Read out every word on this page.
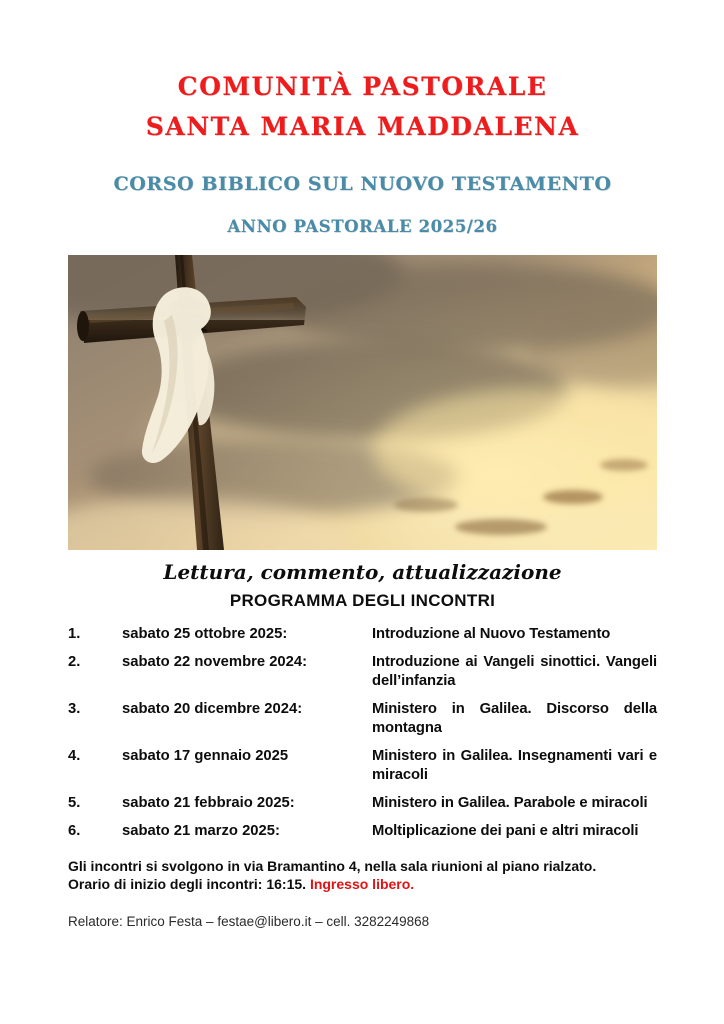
COMUNITÀ PASTORALE
SANTA MARIA MADDALENA
CORSO BIBLICO SUL NUOVO TESTAMENTO
ANNO PASTORALE 2025/26
Lettura, commento, attualizzazione
PROGRAMMA DEGLI INCONTRI
1.	sabato 25 ottobre 2025:	Introduzione al Nuovo Testamento
2.	sabato 22 novembre 2024:	Introduzione ai Vangeli sinottici. Vangeli dell’infanzia
3.	sabato 20 dicembre 2024:	Ministero in Galilea. Discorso della montagna
4.	sabato 17 gennaio 2025	Ministero in Galilea. Insegnamenti vari e miracoli
5.	sabato 21 febbraio 2025:	Ministero in Galilea. Parabole e miracoli
6.	sabato 21 marzo 2025:	Moltiplicazione dei pani e altri miracoli
Gli incontri si svolgono in via Bramantino 4, nella sala riunioni al piano rialzato.
Orario di inizio degli incontri: 16:15. Ingresso libero.
Relatore: Enrico Festa – festae@libero.it – cell. 3282249868
